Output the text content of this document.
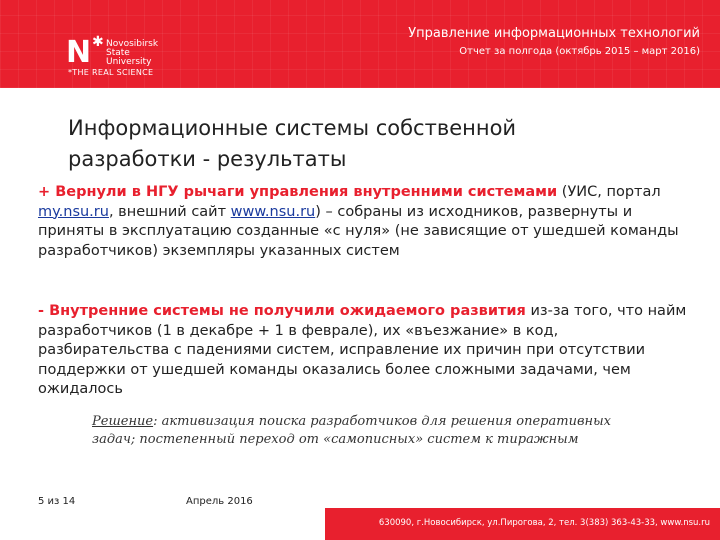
N ✱ Novosibirsk
State
University
*THE REAL SCIENCE
Управление информационных технологий
Отчет за полгода (октябрь 2015 – март 2016)
Информационные системы собственной
разработки - результаты
+ Вернули в НГУ рычаги управления внутренними системами (УИС, портал my.nsu.ru, внешний сайт www.nsu.ru) – собраны из исходников, развернуты и приняты в эксплуатацию созданные «с нуля» (не зависящие от ушедшей команды разработчиков) экземпляры указанных систем
- Внутренние системы не получили ожидаемого развития из-за того, что найм разработчиков (1 в декабре + 1 в феврале), их «въезжание» в код, разбирательства с падениями систем, исправление их причин при отсутствии поддержки от ушедшей команды оказались более сложными задачами, чем ожидалось
Решение: активизация поиска разработчиков для решения оперативных задач; постепенный переход от «самописных» систем к тиражным
5 из 14	Апрель 2016
630090, г.Новосибирск, ул.Пирогова, 2, тел. 3(383) 363-43-33, www.nsu.ru
